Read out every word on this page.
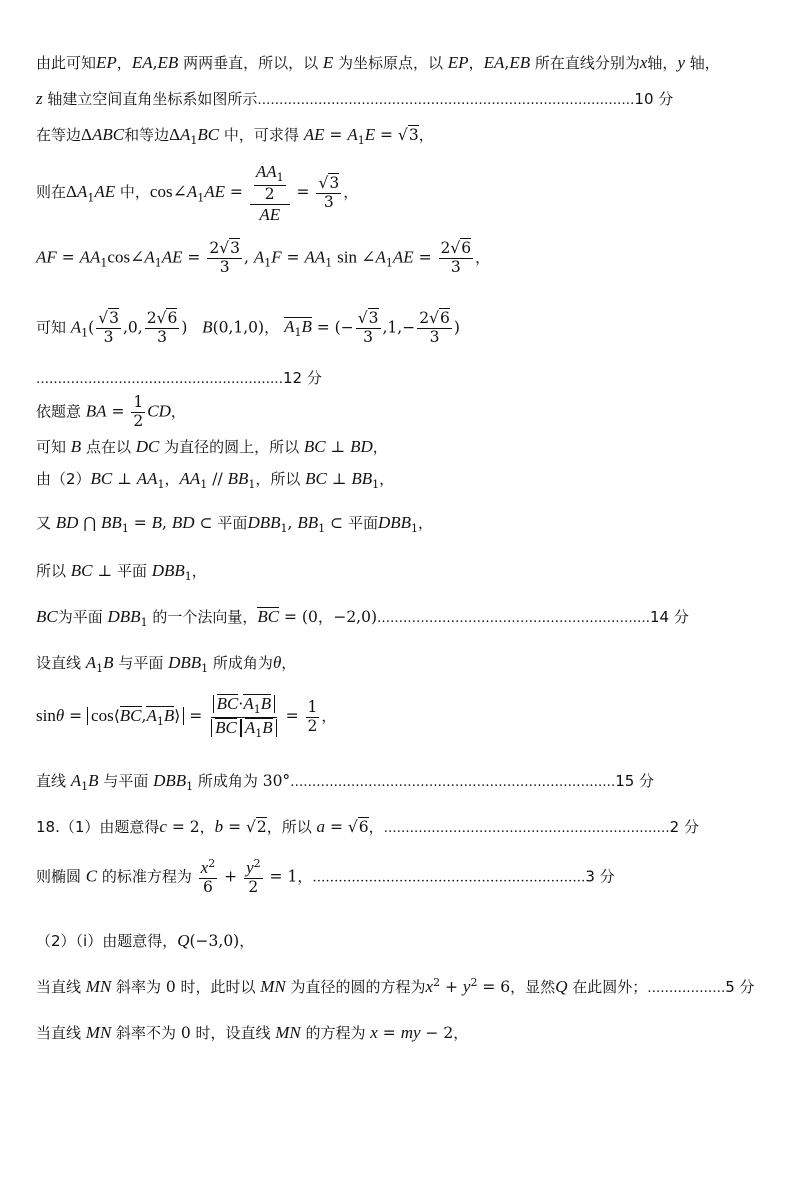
由此可知EP，EA,EB 两两垂直，所以，以 E 为坐标原点，以 EP，EA,EB 所在直线分别为x轴，y 轴，
z 轴建立空间直角坐标系如图所示……………………………………………………………………………10 分
在等边ΔABC和等边$\Delta A_1BC$ 中，可求得 AE = $A_1E = √3$，
则在$\Delta A_1AE$ 中，$\cos\angle A_1AE = \frac{\frac{AA_1}{2}}{AE} = \frac{√3}{3}$ ，
AF = $AA_1\cos\angle A_1AE = \frac{2√3}{3}$ , $A_1F = AA_1$ $\sin \angle A_1AE = \frac{2√6}{3}$ ，
可知 $A_1( \frac{√3}{3} ,0$, $\frac{2√6}{3}$ )   B(0,1,0)， $A_1B$ = (− $\frac{√3}{3} ,1,- \frac{2√6}{3}$ )
…………………………………………………12 分
依题意 BA = $\frac{1}{2}$ CD，
可知 B 点在以 DC 为直径的圆上，所以 BC ⊥ BD，
由（2）BC ⊥ $AA_1$，$AA_1 // BB_1$，所以 BC ⊥ $BB_1$，
又 BD ⋂ $BB_1 = B$, BD ⊂ 平面$DBB_1$, $BB_1$ ⊂ 平面$DBB_1$，
所以 BC ⊥ 平面 $DBB_1$，
BC为平面 $DBB_1$ 的一个法向量，BC = (0，−2,0)………………………………………………………14 分
设直线 $A_1B$ 与平面 $DBB_1$ 所成角为θ，
$\sin\theta = \cos⟨BC,A_1B⟩ = \frac{BC\cdot A_1B}{BC A_1B} = \frac{1}{2}$ ，
直线 $A_1B$ 与平面 $DBB_1$ 所成角为 30°…………………………………………………………………15 分
18.（1）由题意得c = 2，b = √2，所以 a = √6，…………………………………………………………2 分
则椭圆 C 的标准方程为 $\frac{x^2}{6} + \frac{y^2}{2} = 1$，………………………………………………………3 分
（2）（i）由题意得，Q(−3,0)，
当直线 MN 斜率为 0 时，此时以 MN 为直径的圆的方程为$x^2 + y^2 = 6$，显然Q 在此圆外；………………5 分
当直线 MN 斜率不为 0 时，设直线 MN 的方程为 x = my − 2，
